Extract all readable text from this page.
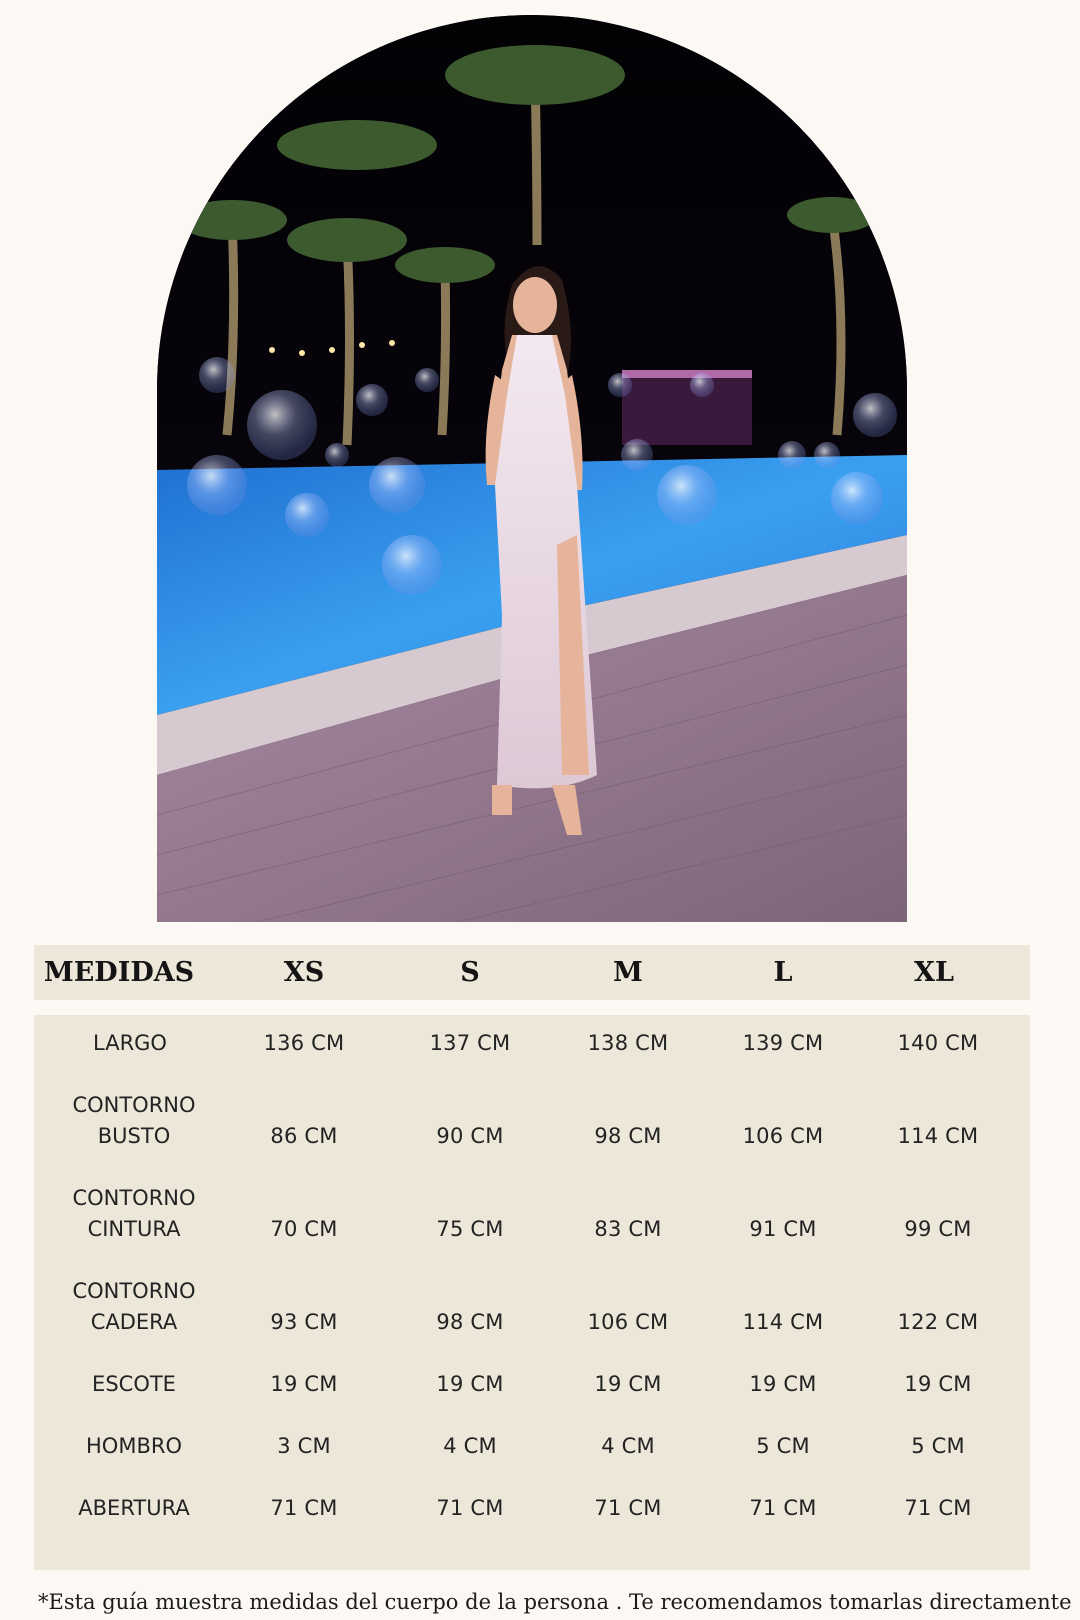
MEDIDAS	XS	S	M	L	XL
LARGO	136 CM	137 CM	138 CM	139 CM	140 CM
CONTORNO
BUSTO	86 CM	90 CM	98 CM	106 CM	114 CM
CONTORNO
CINTURA	70 CM	75 CM	83 CM	91 CM	99 CM
CONTORNO
CADERA	93 CM	98 CM	106 CM	114 CM	122 CM
ESCOTE	19 CM	19 CM	19 CM	19 CM	19 CM
HOMBRO	3 CM	4 CM	4 CM	5 CM	5 CM
ABERTURA	71 CM	71 CM	71 CM	71 CM	71 CM
*Esta guía muestra medidas del cuerpo de la persona . Te recomendamos tomarlas directamente
